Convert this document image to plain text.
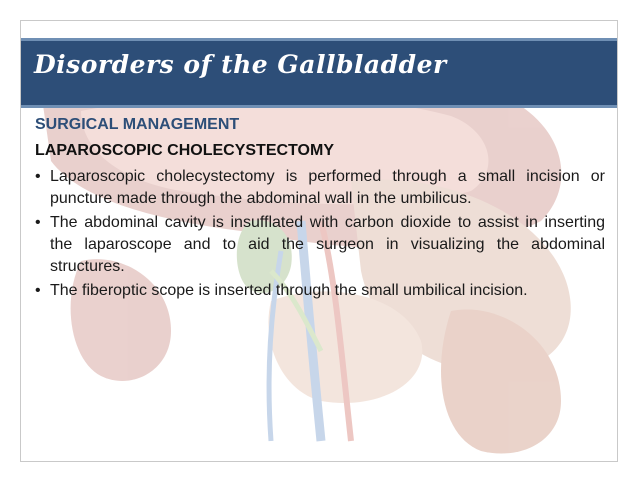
Disorders of the Gallbladder

SURGICAL MANAGEMENT

LAPAROSCOPIC CHOLECYSTECTOMY

• Laparoscopic cholecystectomy is performed through a small incision or puncture made through the abdominal wall in the umbilicus.
• The abdominal cavity is insufflated with carbon dioxide to assist in inserting the laparoscope and to aid the surgeon in visualizing the abdominal structures.
• The fiberoptic scope is inserted through the small umbilical incision.
